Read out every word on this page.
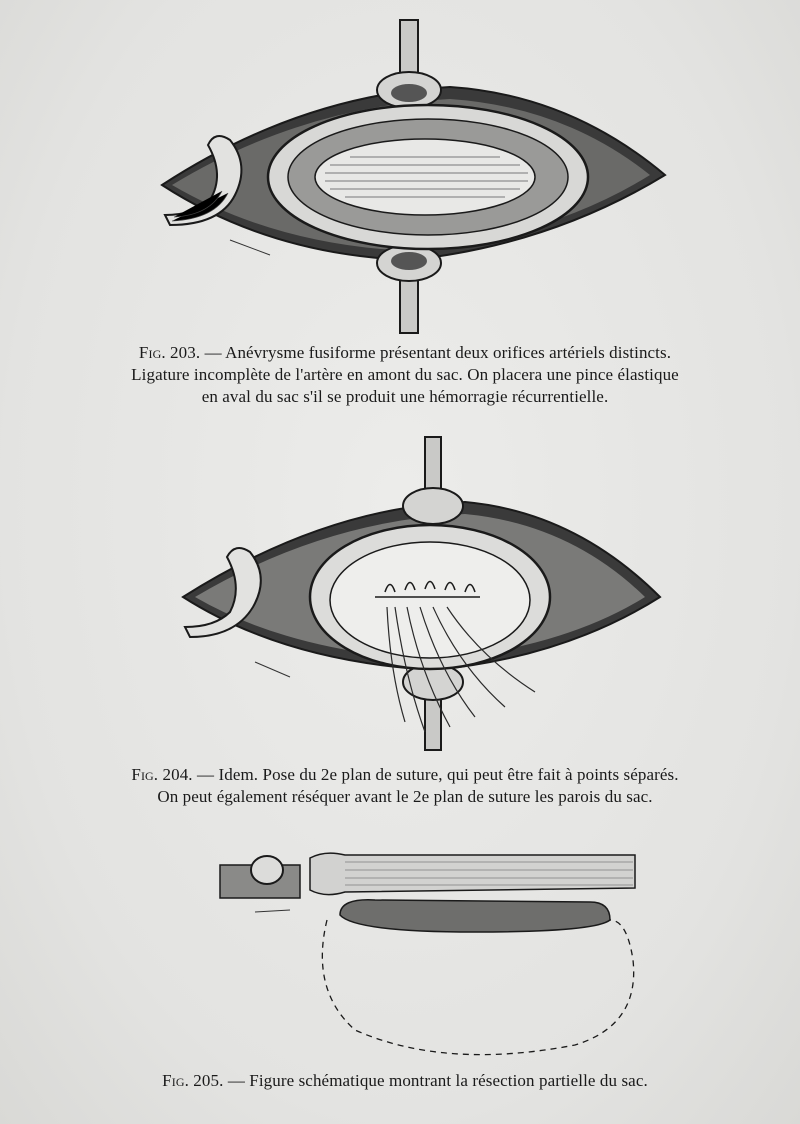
Fig. 203. — Anévrysme fusiforme présentant deux orifices artériels distincts.
Ligature incomplète de l'artère en amont du sac. On placera une pince élastique
en aval du sac s'il se produit une hémorragie récurrentielle.
Fig. 204. — Idem. Pose du 2e plan de suture, qui peut être fait à points séparés.
On peut également réséquer avant le 2e plan de suture les parois du sac.
Fig. 205. — Figure schématique montrant la résection partielle du sac.
